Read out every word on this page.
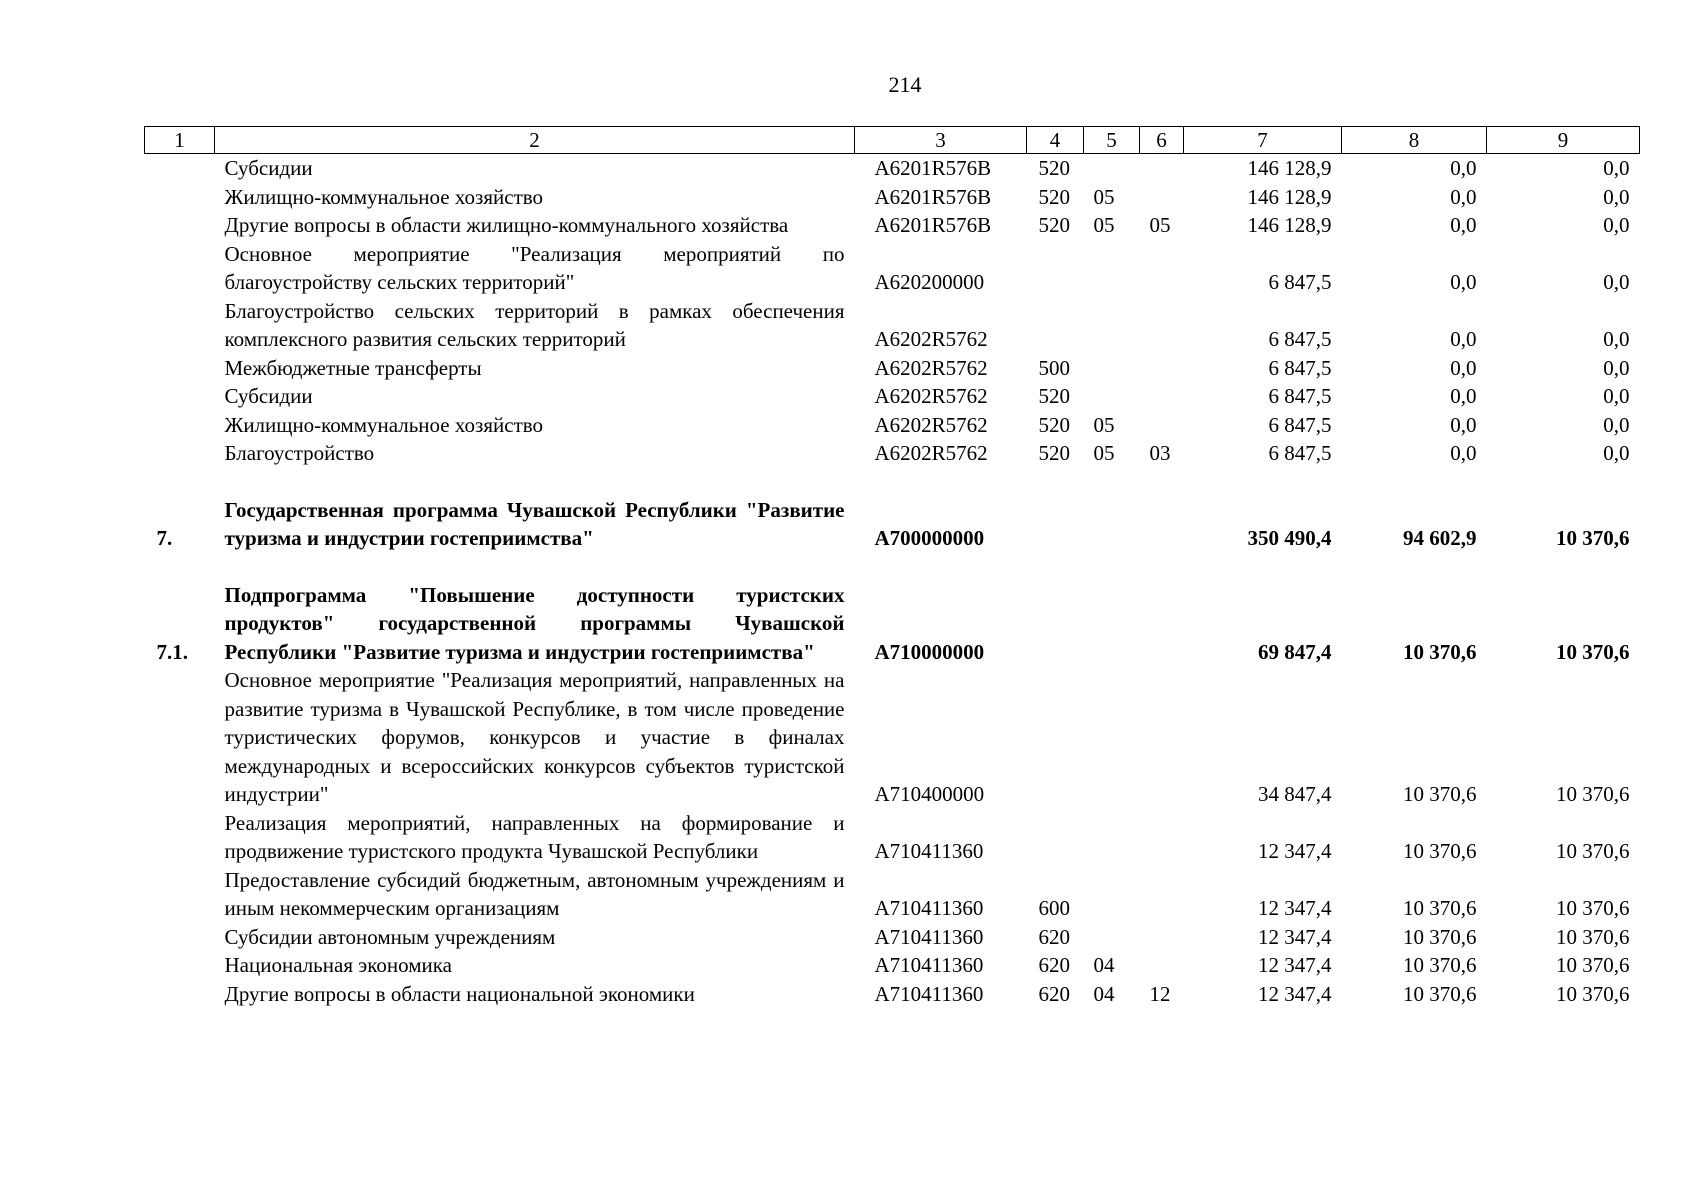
214
1	2	3	4	5	6	7	8	9
	Субсидии	A6201R576B	520			146 128,9	0,0	0,0
	Жилищно-коммунальное хозяйство	A6201R576B	520	05		146 128,9	0,0	0,0
	Другие вопросы в области жилищно-коммунального хозяйства	A6201R576B	520	05	05	146 128,9	0,0	0,0
	Основное мероприятие "Реализация мероприятий по благоустройству сельских территорий"	A620200000				6 847,5	0,0	0,0
	Благоустройство сельских территорий в рамках обеспечения комплексного развития сельских территорий	A6202R5762				6 847,5	0,0	0,0
	Межбюджетные трансферты	A6202R5762	500			6 847,5	0,0	0,0
	Субсидии	A6202R5762	520			6 847,5	0,0	0,0
	Жилищно-коммунальное хозяйство	A6202R5762	520	05		6 847,5	0,0	0,0
	Благоустройство	A6202R5762	520	05	03	6 847,5	0,0	0,0

7.	Государственная программа Чувашской Республики "Развитие туризма и индустрии гостеприимства"	A700000000				350 490,4	94 602,9	10 370,6

7.1.	Подпрограмма "Повышение доступности туристских продуктов" государственной программы Чувашской Республики "Развитие туризма и индустрии гостеприимства"	A710000000				69 847,4	10 370,6	10 370,6
	Основное мероприятие "Реализация мероприятий, направленных на развитие туризма в Чувашской Республике, в том числе проведение туристических форумов, конкурсов и участие в финалах международных и всероссийских конкурсов субъектов туристской индустрии"	A710400000				34 847,4	10 370,6	10 370,6
	Реализация мероприятий, направленных на формирование и продвижение туристского продукта Чувашской Республики	A710411360				12 347,4	10 370,6	10 370,6
	Предоставление субсидий бюджетным, автономным учреждениям и иным некоммерческим организациям	A710411360	600			12 347,4	10 370,6	10 370,6
	Субсидии автономным учреждениям	A710411360	620			12 347,4	10 370,6	10 370,6
	Национальная экономика	A710411360	620	04		12 347,4	10 370,6	10 370,6
	Другие вопросы в области национальной экономики	A710411360	620	04	12	12 347,4	10 370,6	10 370,6
